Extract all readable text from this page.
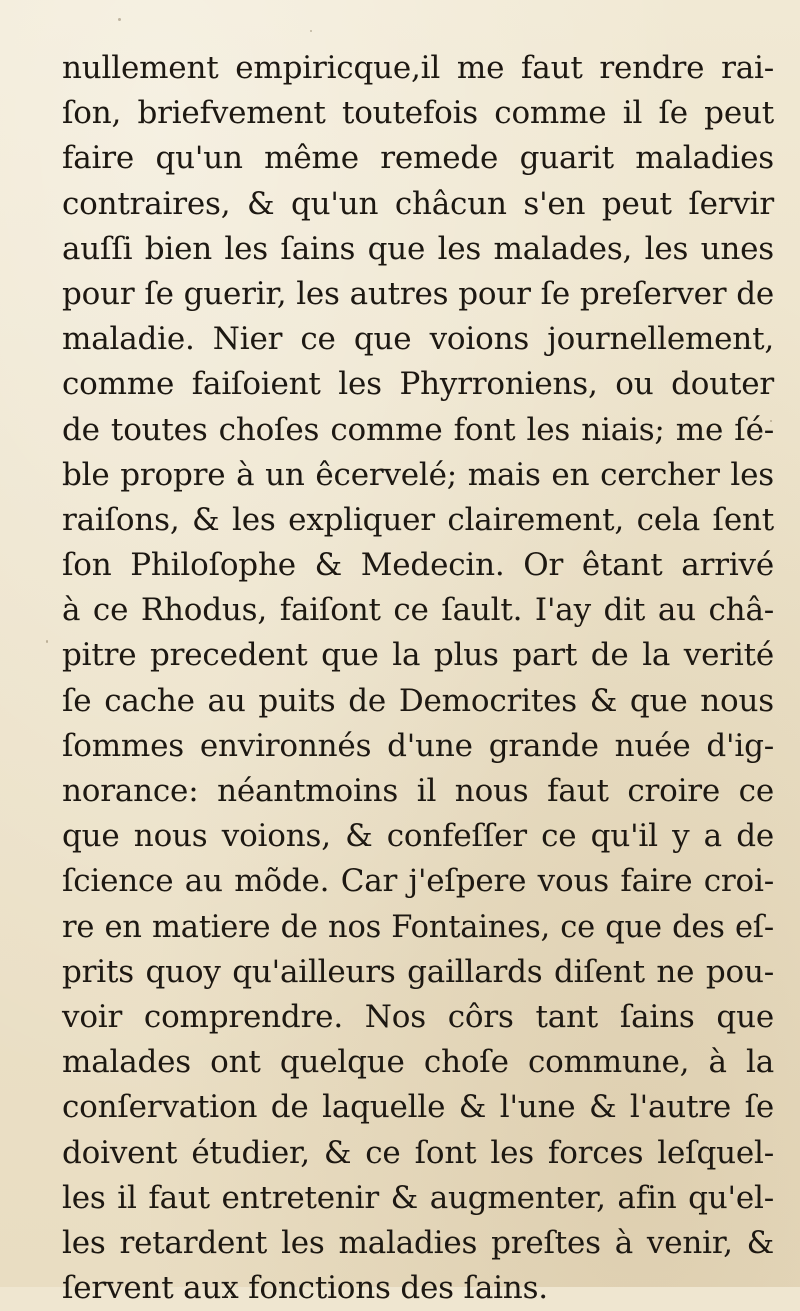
nullement empiricque,il me faut rendre rai-
ſon, briefvement toutefois comme il ſe peut
faire qu'un même remede guarit maladies
contraires, & qu'un châcun s'en peut ſervir
auſſi bien les ſains que les malades, les unes
pour ſe guerir, les autres pour ſe preſerver de
maladie. Nier ce que voions journellement,
comme faiſoient les Phyrroniens, ou douter
de toutes choſes comme font les niais; me ſé-
ble propre à un êcervelé; mais en cercher les
raiſons, & les expliquer clairement, cela ſent
ſon Philoſophe & Medecin. Or êtant arrivé
à ce Rhodus, faiſont ce ſault. I'ay dit au châ-
pitre precedent que la plus part de la verité
ſe cache au puits de Democrites & que nous
ſommes environnés d'une grande nuée d'ig-
norance: néantmoins il nous faut croire ce
que nous voions, & confeſſer ce qu'il y a de
ſcience au mõde. Car j'eſpere vous faire croi-
re en matiere de nos Fontaines, ce que des eſ-
prits quoy qu'ailleurs gaillards diſent ne pou-
voir comprendre. Nos côrs tant ſains que
malades ont quelque choſe commune, à la
conſervation de laquelle & l'une & l'autre ſe
doivent étudier, & ce ſont les forces leſquel-
les il faut entretenir & augmenter, afin qu'el-
les retardent les maladies preſtes à venir, &
ſervent aux fonctions des ſains.
